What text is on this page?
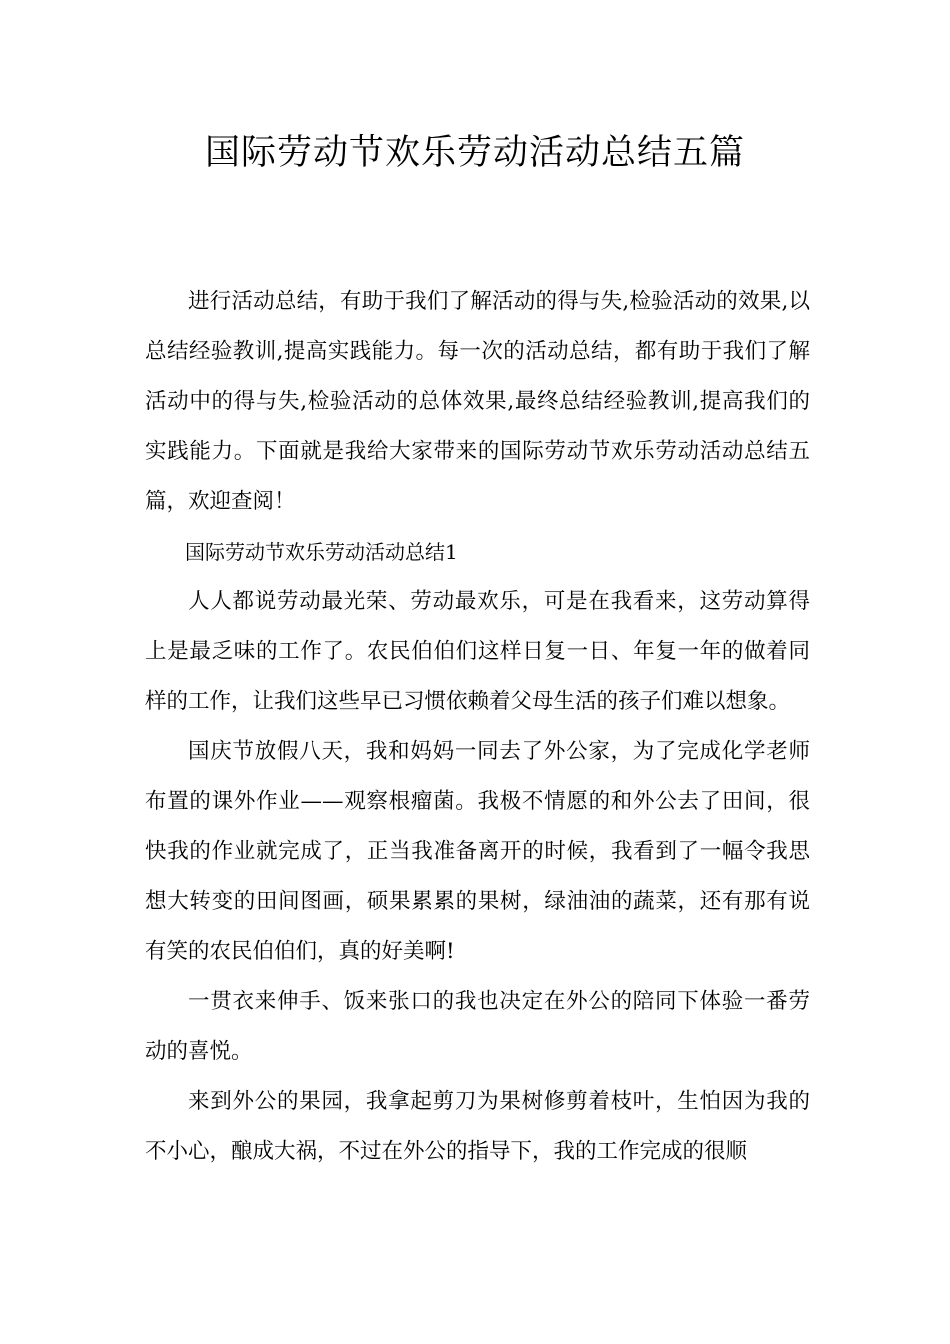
国际劳动节欢乐劳动活动总结五篇

进行活动总结，有助于我们了解活动的得与失,检验活动的效果,以总结经验教训,提高实践能力。每一次的活动总结，都有助于我们了解活动中的得与失,检验活动的总体效果,最终总结经验教训,提高我们的实践能力。下面就是我给大家带来的国际劳动节欢乐劳动活动总结五篇，欢迎查阅！

国际劳动节欢乐劳动活动总结1

人人都说劳动最光荣、劳动最欢乐，可是在我看来，这劳动算得上是最乏味的工作了。农民伯伯们这样日复一日、年复一年的做着同样的工作，让我们这些早已习惯依赖着父母生活的孩子们难以想象。

国庆节放假八天，我和妈妈一同去了外公家，为了完成化学老师布置的课外作业——观察根瘤菌。我极不情愿的和外公去了田间，很快我的作业就完成了，正当我准备离开的时候，我看到了一幅令我思想大转变的田间图画，硕果累累的果树，绿油油的蔬菜，还有那有说有笑的农民伯伯们，真的好美啊!

一贯衣来伸手、饭来张口的我也决定在外公的陪同下体验一番劳动的喜悦。

来到外公的果园，我拿起剪刀为果树修剪着枝叶，生怕因为我的不小心，酿成大祸，不过在外公的指导下，我的工作完成的很顺
